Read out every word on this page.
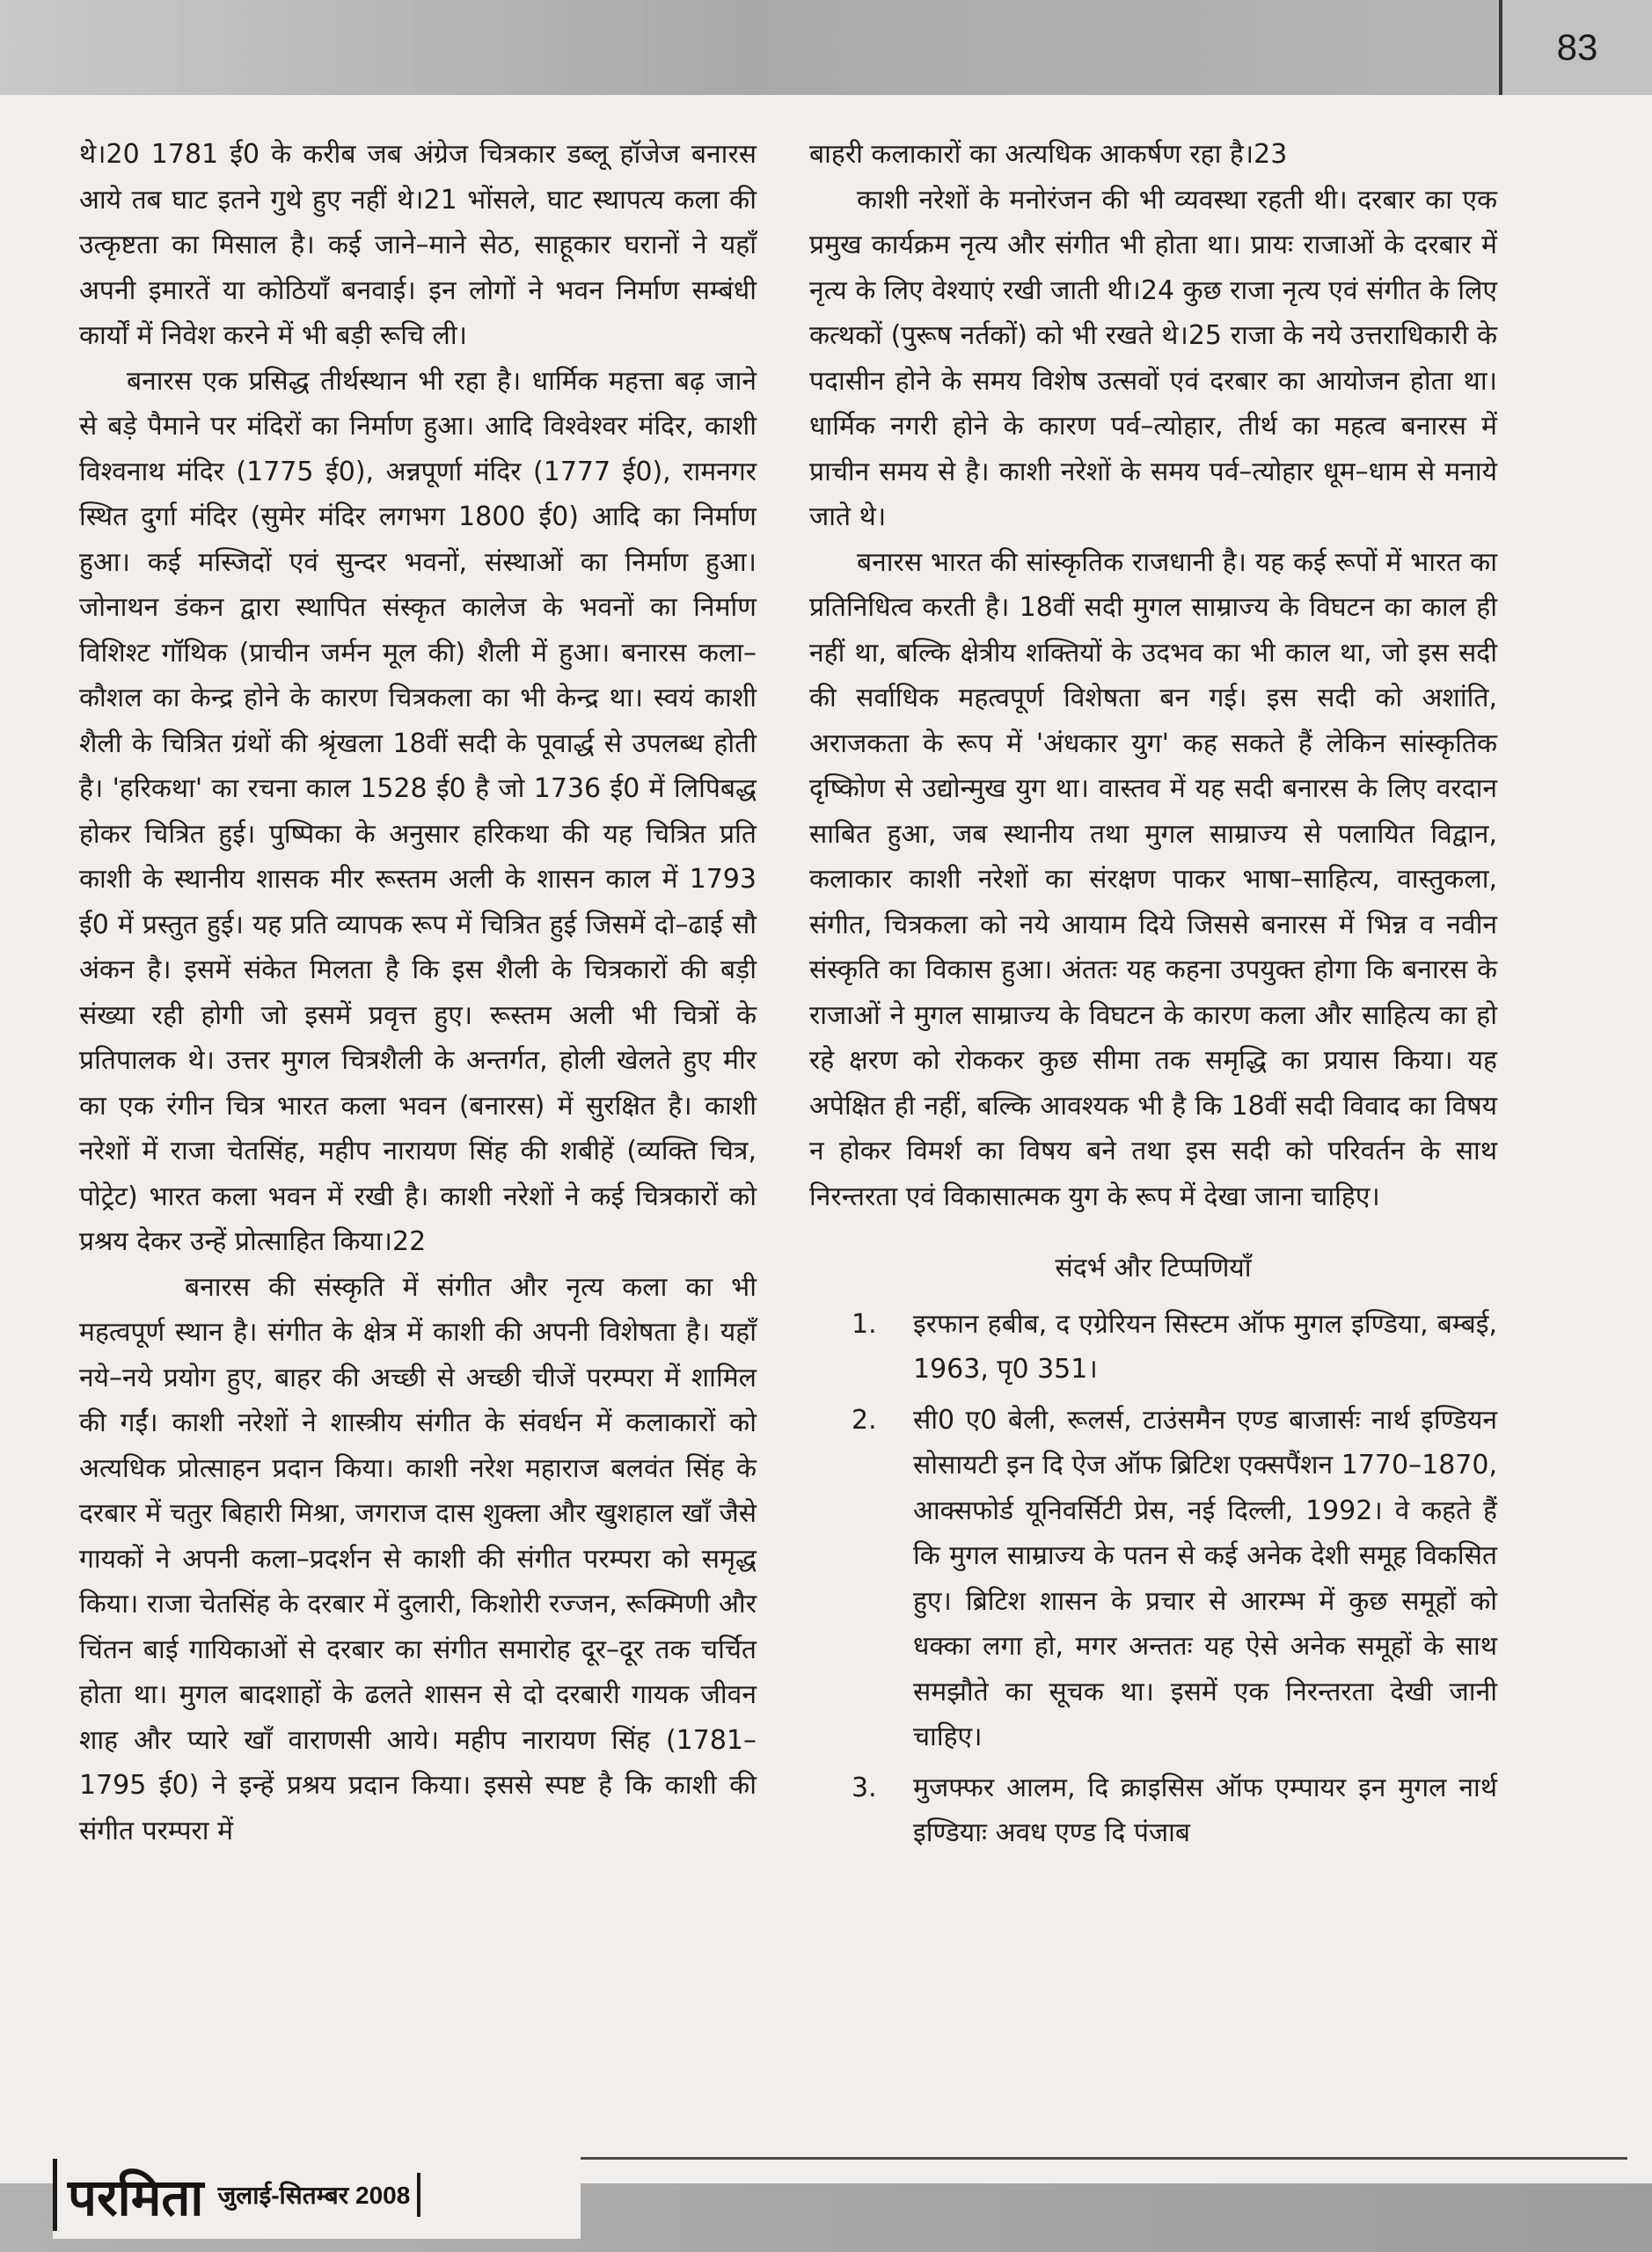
83

थे।20 1781 ई0 के करीब जब अंग्रेज चित्रकार डब्लू हॉजेज बनारस आये तब घाट इतने गुथे हुए नहीं थे।21 भोंसले, घाट स्थापत्य कला की उत्कृष्टता का मिसाल है। कई जाने–माने सेठ, साहूकार घरानों ने यहाँ अपनी इमारतें या कोठियाँ बनवाई। इन लोगों ने भवन निर्माण सम्बंधी कार्यों में निवेश करने में भी बड़ी रूचि ली।

बनारस एक प्रसिद्ध तीर्थस्थान भी रहा है। धार्मिक महत्ता बढ़ जाने से बड़े पैमाने पर मंदिरों का निर्माण हुआ। आदि विश्वेश्वर मंदिर, काशी विश्वनाथ मंदिर (1775 ई0), अन्नपूर्णा मंदिर (1777 ई0), रामनगर स्थित दुर्गा मंदिर (सुमेर मंदिर लगभग 1800 ई0) आदि का निर्माण हुआ। कई मस्जिदों एवं सुन्दर भवनों, संस्थाओं का निर्माण हुआ। जोनाथन डंकन द्वारा स्थापित संस्कृत कालेज के भवनों का निर्माण विशिश्ट गॉथिक (प्राचीन जर्मन मूल की) शैली में हुआ। बनारस कला–कौशल का केन्द्र होने के कारण चित्रकला का भी केन्द्र था। स्वयं काशी शैली के चित्रित ग्रंथों की श्रृंखला 18वीं सदी के पूवार्द्ध से उपलब्ध होती है। 'हरिकथा' का रचना काल 1528 ई0 है जो 1736 ई0 में लिपिबद्ध होकर चित्रित हुई। पुष्पिका के अनुसार हरिकथा की यह चित्रित प्रति काशी के स्थानीय शासक मीर रूस्तम अली के शासन काल में 1793 ई0 में प्रस्तुत हुई। यह प्रति व्यापक रूप में चित्रित हुई जिसमें दो–ढाई सौ अंकन है। इसमें संकेत मिलता है कि इस शैली के चित्रकारों की बड़ी संख्या रही होगी जो इसमें प्रवृत्त हुए। रूस्तम अली भी चित्रों के प्रतिपालक थे। उत्तर मुगल चित्रशैली के अन्तर्गत, होली खेलते हुए मीर का एक रंगीन चित्र भारत कला भवन (बनारस) में सुरक्षित है। काशी नरेशों में राजा चेतसिंह, महीप नारायण सिंह की शबीहें (व्यक्ति चित्र, पोट्रेट) भारत कला भवन में रखी है। काशी नरेशों ने कई चित्रकारों को प्रश्रय देकर उन्हें प्रोत्साहित किया।22

बनारस की संस्कृति में संगीत और नृत्य कला का भी महत्वपूर्ण स्थान है। संगीत के क्षेत्र में काशी की अपनी विशेषता है। यहाँ नये–नये प्रयोग हुए, बाहर की अच्छी से अच्छी चीजें परम्परा में शामिल की गईं। काशी नरेशों ने शास्त्रीय संगीत के संवर्धन में कलाकारों को अत्यधिक प्रोत्साहन प्रदान किया। काशी नरेश महाराज बलवंत सिंह के दरबार में चतुर बिहारी मिश्रा, जगराज दास शुक्ला और खुशहाल खाँ जैसे गायकों ने अपनी कला–प्रदर्शन से काशी की संगीत परम्परा को समृद्ध किया। राजा चेतसिंह के दरबार में दुलारी, किशोरी रज्जन, रूक्मिणी और चिंतन बाई गायिकाओं से दरबार का संगीत समारोह दूर–दूर तक चर्चित होता था। मुगल बादशाहों के ढलते शासन से दो दरबारी गायक जीवन शाह और प्यारे खाँ वाराणसी आये। महीप नारायण सिंह (1781–1795 ई0) ने इन्हें प्रश्रय प्रदान किया। इससे स्पष्ट है कि काशी की संगीत परम्परा में

बाहरी कलाकारों का अत्यधिक आकर्षण रहा है।23

काशी नरेशों के मनोरंजन की भी व्यवस्था रहती थी। दरबार का एक प्रमुख कार्यक्रम नृत्य और संगीत भी होता था। प्रायः राजाओं के दरबार में नृत्य के लिए वेश्याएं रखी जाती थी।24 कुछ राजा नृत्य एवं संगीत के लिए कत्थकों (पुरूष नर्तकों) को भी रखते थे।25 राजा के नये उत्तराधिकारी के पदासीन होने के समय विशेष उत्सवों एवं दरबार का आयोजन होता था। धार्मिक नगरी होने के कारण पर्व–त्योहार, तीर्थ का महत्व बनारस में प्राचीन समय से है। काशी नरेशों के समय पर्व–त्योहार धूम–धाम से मनाये जाते थे।

बनारस भारत की सांस्कृतिक राजधानी है। यह कई रूपों में भारत का प्रतिनिधित्व करती है। 18वीं सदी मुगल साम्राज्य के विघटन का काल ही नहीं था, बल्कि क्षेत्रीय शक्तियों के उदभव का भी काल था, जो इस सदी की सर्वाधिक महत्वपूर्ण विशेषता बन गई। इस सदी को अशांति, अराजकता के रूप में 'अंधकार युग' कह सकते हैं लेकिन सांस्कृतिक दृष्किोण से उद्योन्मुख युग था। वास्तव में यह सदी बनारस के लिए वरदान साबित हुआ, जब स्थानीय तथा मुगल साम्राज्य से पलायित विद्वान, कलाकार काशी नरेशों का संरक्षण पाकर भाषा–साहित्य, वास्तुकला, संगीत, चित्रकला को नये आयाम दिये जिससे बनारस में भिन्न व नवीन संस्कृति का विकास हुआ। अंततः यह कहना उपयुक्त होगा कि बनारस के राजाओं ने मुगल साम्राज्य के विघटन के कारण कला और साहित्य का हो रहे क्षरण को रोककर कुछ सीमा तक समृद्धि का प्रयास किया। यह अपेक्षित ही नहीं, बल्कि आवश्यक भी है कि 18वीं सदी विवाद का विषय न होकर विमर्श का विषय बने तथा इस सदी को परिवर्तन के साथ निरन्तरता एवं विकासात्मक युग के रूप में देखा जाना चाहिए।

संदर्भ और टिप्पणियाँ
1. इरफान हबीब, द एग्रेरियन सिस्टम ऑफ मुगल इण्डिया, बम्बई, 1963, पृ0 351।
2. सी0 ए0 बेली, रूलर्स, टाउंसमैन एण्ड बाजार्सः नार्थ इण्डियन सोसायटी इन दि ऐज ऑफ ब्रिटिश एक्सपैंशन 1770–1870, आक्सफोर्ड यूनिवर्सिटी प्रेस, नई दिल्ली, 1992। वे कहते हैं कि मुगल साम्राज्य के पतन से कई अनेक देशी समूह विकसित हुए। ब्रिटिश शासन के प्रचार से आरम्भ में कुछ समूहों को धक्का लगा हो, मगर अन्ततः यह ऐसे अनेक समूहों के साथ समझौते का सूचक था। इसमें एक निरन्तरता देखी जानी चाहिए।
3. मुजफ्फर आलम, दि क्राइसिस ऑफ एम्पायर इन मुगल नार्थ इण्डियाः अवध एण्ड दि पंजाब
परमिता जुलाई-सितम्बर 2008
